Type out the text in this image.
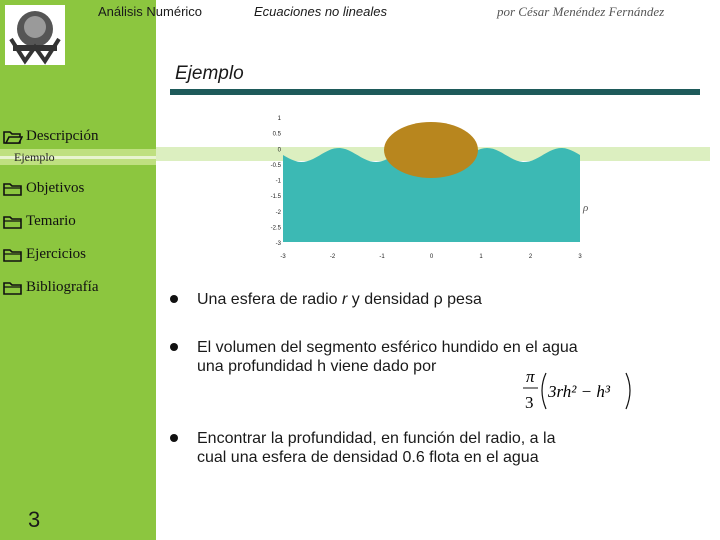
Análisis Numérico	Ecuaciones no lineales	por César Menéndez Fernández
Ejemplo
Descripción
Ejemplo
Objetivos
Temario
Ejercicios
Bibliografía
3
1
0.5
0
-0.5
-1
-1.5
-2
-2.5
-3
-3	-2	-1	0	1	2	3
ρ
Una esfera de radio r y densidad ρ pesa
El volumen del segmento esférico hundido en el agua
una profundidad h viene dado por
Encontrar la profundidad, en función del radio, a la
cual una esfera de densidad 0.6 flota en el agua
π
3
3rh² − h³
